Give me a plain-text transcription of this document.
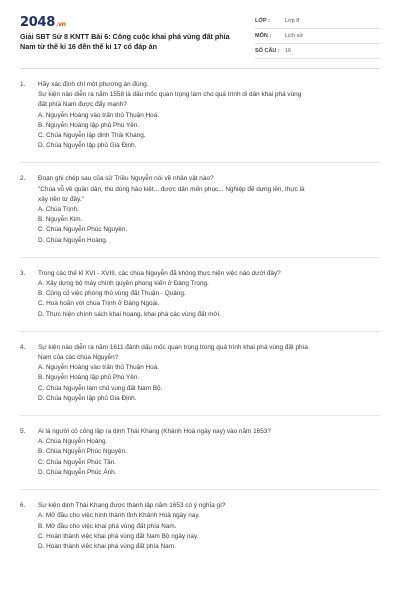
2048.vn
Giải SBT Sử 8 KNTT Bài 6: Công cuộc khai phá vùng đất phía Nam từ thế kỉ 16 đến thế kỉ 17 có đáp án
LỚP :	Lớp 8
MÔN :	Lịch sử
SỐ CÂU : 16
1.	Hãy xác định chỉ một phương án đúng.
Sự kiện nào diễn ra năm 1558 là dấu mốc quan trọng làm cho quá trình di dân khai phá vùng
đất phía Nam được đẩy mạnh?
A. Nguyễn Hoàng vào trấn thủ Thuận Hoá.
B. Nguyễn Hoàng lập phủ Phú Yên.
C. Chúa Nguyễn lập dinh Thái Khang.
D. Chúa Nguyễn lập phủ Gia Định.
2.	Đoạn ghi chép sau của sử Triều Nguyễn nói về nhân vật nào?
"Chúa vỗ về quân dân, thu dùng hào kiệt... được dân mến phục... Nghiệp đế dựng lên, thực là
xây nền từ đây."
A. Chúa Trịnh.
B. Nguyễn Kim.
C. Chúa Nguyễn Phúc Nguyên.
D. Chúa Nguyễn Hoàng.
3.	Trong các thế kỉ XVI - XVIII, các chúa Nguyễn đã không thực hiện việc nào dưới đây?
A. Xây dựng bộ máy chính quyền phong kiến ở Đàng Trong.
B. Củng cố việc phòng thủ vùng đất Thuận - Quảng.
C. Hoà hoãn với chúa Trịnh ở Đàng Ngoài.
D. Thực hiện chính sách khai hoang, khai phá các vùng đất mới.
4.	Sự kiện nào diễn ra năm 1611 đánh dấu mốc quan trọng trong quá trình khai phá vùng đất phía
Nam của các chúa Nguyễn?
A. Nguyễn Hoàng vào trấn thủ Thuận Hoá.
B. Nguyễn Hoàng lập phủ Phú Yên.
C. Chúa Nguyễn làm chủ vùng đất Nam Bộ.
D. Chúa Nguyễn lập phủ Gia Định.
5.	Ai là người có công lập ra dinh Thái Khang (Khánh Hoà ngày nay) vào năm 1653?
A. Chúa Nguyễn Hoàng.
B. Chúa Nguyễn Phúc Nguyên.
C. Chúa Nguyễn Phúc Tần.
D. Chúa Nguyễn Phúc Ánh.
6.	Sự kiện dinh Thái Khang được thành lập năm 1653 có ý nghĩa gì?
A. Mở đầu cho việc hình thành tỉnh Khánh Hoà ngày nay.
B. Mở đầu cho việc khai phá vùng đất phía Nam.
C. Hoàn thành việc khai phá vùng đất Nam Bộ ngày nay.
D. Hoàn thành việc khai phá vùng đất phía Nam.
